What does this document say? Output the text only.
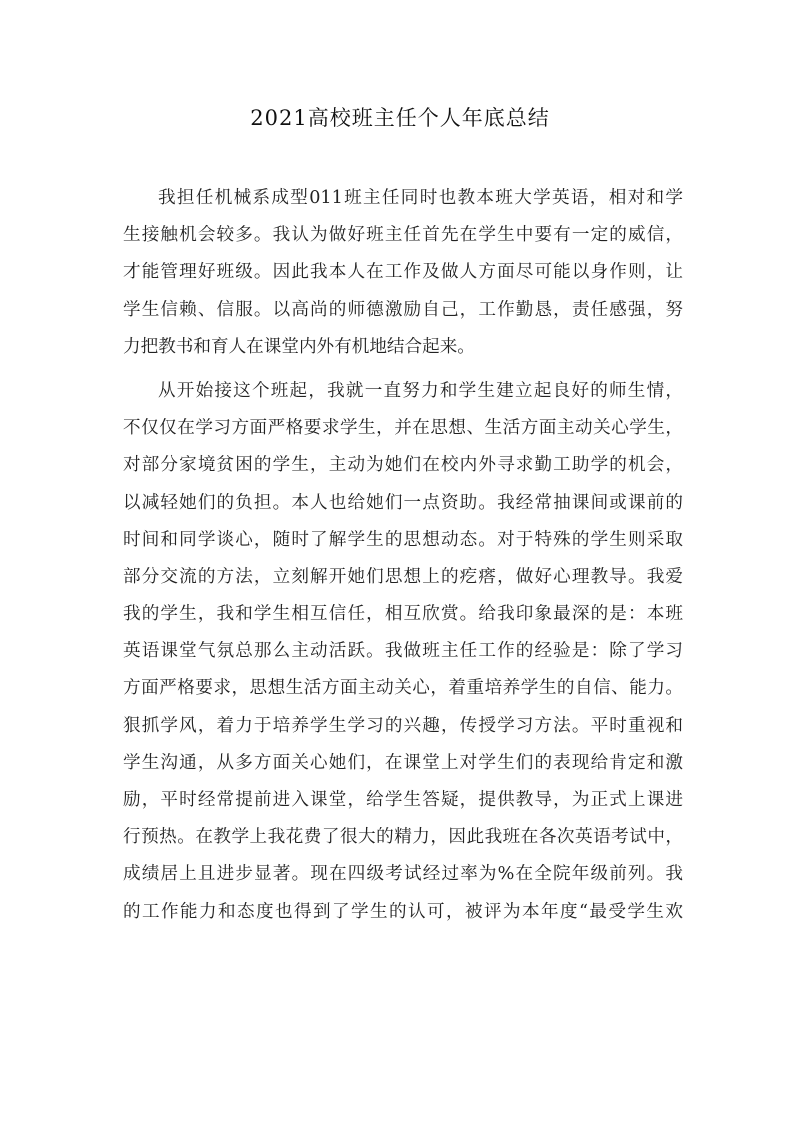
2021高校班主任个人年底总结
我担任机械系成型011班主任同时也教本班大学英语，相对和学
生接触机会较多。我认为做好班主任首先在学生中要有一定的威信，
才能管理好班级。因此我本人在工作及做人方面尽可能以身作则，让
学生信赖、信服。以高尚的师德激励自己，工作勤恳，责任感强，努
力把教书和育人在课堂内外有机地结合起来。
从开始接这个班起，我就一直努力和学生建立起良好的师生情，
不仅仅在学习方面严格要求学生，并在思想、生活方面主动关心学生，
对部分家境贫困的学生，主动为她们在校内外寻求勤工助学的机会，
以减轻她们的负担。本人也给她们一点资助。我经常抽课间或课前的
时间和同学谈心，随时了解学生的思想动态。对于特殊的学生则采取
部分交流的方法，立刻解开她们思想上的疙瘩，做好心理教导。我爱
我的学生，我和学生相互信任，相互欣赏。给我印象最深的是：本班
英语课堂气氛总那么主动活跃。我做班主任工作的经验是：除了学习
方面严格要求，思想生活方面主动关心，着重培养学生的自信、能力。
狠抓学风，着力于培养学生学习的兴趣，传授学习方法。平时重视和
学生沟通，从多方面关心她们，在课堂上对学生们的表现给肯定和激
励，平时经常提前进入课堂，给学生答疑，提供教导，为正式上课进
行预热。在教学上我花费了很大的精力，因此我班在各次英语考试中，
成绩居上且进步显著。现在四级考试经过率为%在全院年级前列。我
的工作能力和态度也得到了学生的认可，被评为本年度“最受学生欢
